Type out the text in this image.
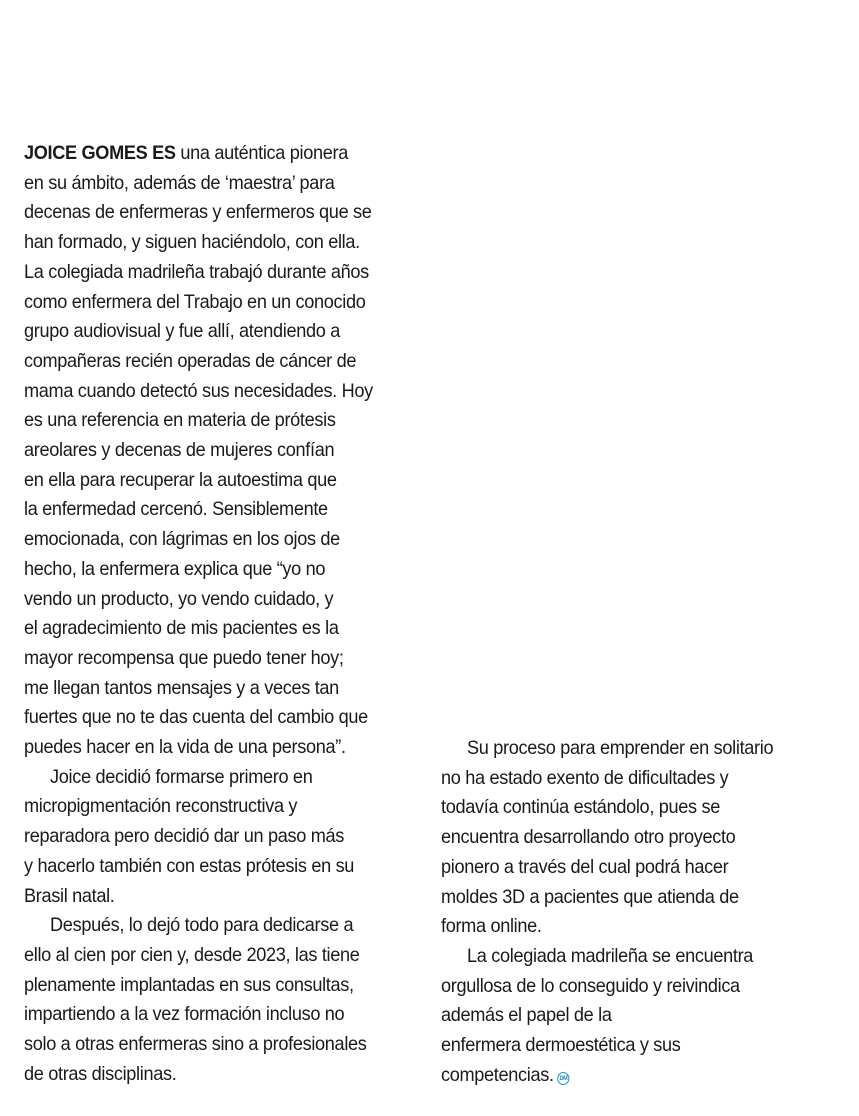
JOICE GOMES ES una auténtica pionera
en su ámbito, además de ‘maestra’ para
decenas de enfermeras y enfermeros que se
han formado, y siguen haciéndolo, con ella.
La colegiada madrileña trabajó durante años
como enfermera del Trabajo en un conocido
grupo audiovisual y fue allí, atendiendo a
compañeras recién operadas de cáncer de
mama cuando detectó sus necesidades. Hoy
es una referencia en materia de prótesis
areolares y decenas de mujeres confían
en ella para recuperar la autoestima que
la enfermedad cercenó. Sensiblemente
emocionada, con lágrimas en los ojos de
hecho, la enfermera explica que “yo no
vendo un producto, yo vendo cuidado, y
el agradecimiento de mis pacientes es la
mayor recompensa que puedo tener hoy;
me llegan tantos mensajes y a veces tan
fuertes que no te das cuenta del cambio que
puedes hacer en la vida de una persona”.
Joice decidió formarse primero en
micropigmentación reconstructiva y
reparadora pero decidió dar un paso más
y hacerlo también con estas prótesis en su
Brasil natal.
Después, lo dejó todo para dedicarse a
ello al cien por cien y, desde 2023, las tiene
plenamente implantadas en sus consultas,
impartiendo a la vez formación incluso no
solo a otras enfermeras sino a profesionales
de otras disciplinas.
Su proceso para emprender en solitario
no ha estado exento de dificultades y
todavía continúa estándolo, pues se
encuentra desarrollando otro proyecto
pionero a través del cual podrá hacer
moldes 3D a pacientes que atienda de
forma online.
La colegiada madrileña se encuentra
orgullosa de lo conseguido y reivindica
además el papel de la
enfermera dermoestética y sus
competencias. DM
